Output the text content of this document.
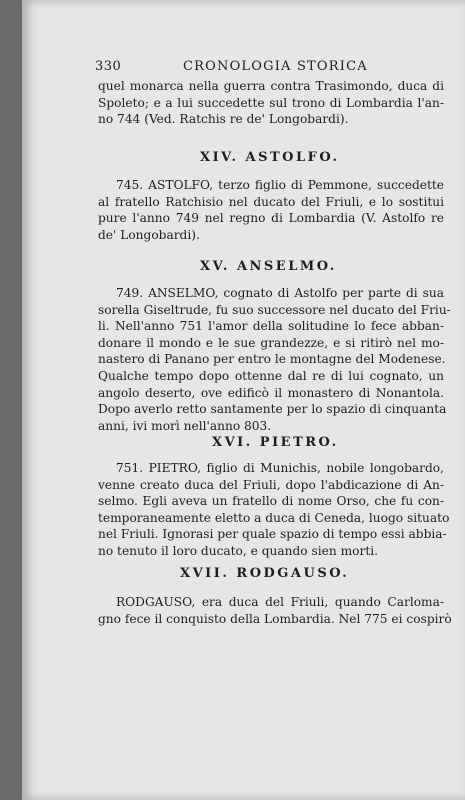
330	CRONOLOGIA STORICA
quel monarca nella guerra contra Trasimondo, duca di
Spoleto; e a lui succedette sul trono di Lombardia l'an-
no 744 (Ved. Ratchis re de' Longobardi).
XIV. ASTOLFO.
745. ASTOLFO, terzo figlio di Pemmone, succedette
al fratello Ratchisio nel ducato del Friuli, e lo sostitui
pure l'anno 749 nel regno di Lombardia (V. Astolfo re
de' Longobardi).
XV. ANSELMO.
749. ANSELMO, cognato di Astolfo per parte di sua
sorella Giseltrude, fu suo successore nel ducato del Friu-
li. Nell'anno 751 l'amor della solitudine lo fece abban-
donare il mondo e le sue grandezze, e si ritirò nel mo-
nastero di Panano per entro le montagne del Modenese.
Qualche tempo dopo ottenne dal re di lui cognato, un
angolo deserto, ove edificò il monastero di Nonantola.
Dopo averlo retto santamente per lo spazio di cinquanta
anni, ivi morì nell'anno 803.
XVI. PIETRO.
751. PIETRO, figlio di Munichis, nobile longobardo,
venne creato duca del Friuli, dopo l'abdicazione di An-
selmo. Egli aveva un fratello di nome Orso, che fu con-
temporaneamente eletto a duca di Ceneda, luogo situato
nel Friuli. Ignorasi per quale spazio di tempo essi abbia-
no tenuto il loro ducato, e quando sien morti.
XVII. RODGAUSO.
RODGAUSO, era duca del Friuli, quando Carloma-
gno fece il conquisto della Lombardia. Nel 775 ei cospirò
